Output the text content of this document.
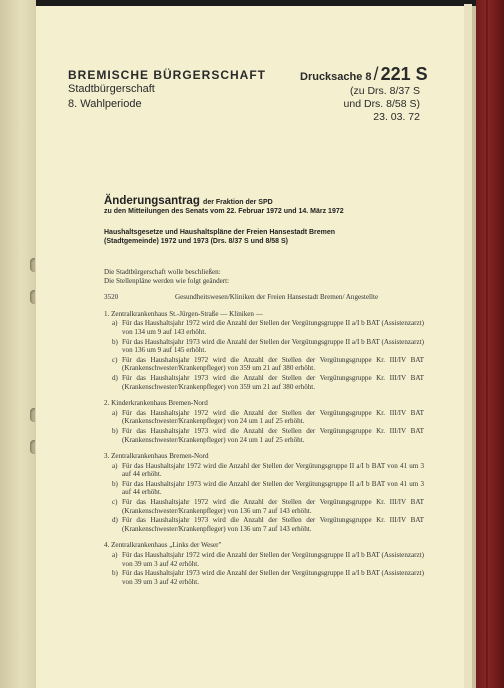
BREMISCHE BÜRGERSCHAFT
Stadtbürgerschaft
8. Wahlperiode
Drucksache 8 / 221 S
(zu Drs. 8/37 S
und Drs. 8/58 S)
23. 03. 72
Änderungsantrag der Fraktion der SPD
zu den Mitteilungen des Senats vom 22. Februar 1972 und 14. März 1972
Haushaltsgesetze und Haushaltspläne der Freien Hansestadt Bremen (Stadtgemeinde) 1972 und 1973 (Drs. 8/37 S und 8/58 S)
Die Stadtbürgerschaft wolle beschließen:
Die Stellenpläne werden wie folgt geändert:
3520	Gesundheitswesen/Kliniken der Freien Hansestadt Bremen/ Angestellte
1. Zentralkrankenhaus St.-Jürgen-Straße — Kliniken —
a) Für das Haushaltsjahr 1972 wird die Anzahl der Stellen der Vergütungsgruppe II a/I b BAT (Assistenzarzt) von 134 um 9 auf 143 erhöht.
b) Für das Haushaltsjahr 1973 wird die Anzahl der Stellen der Vergütungsgruppe II a/I b BAT (Assistenzarzt) von 136 um 9 auf 145 erhöht.
c) Für das Haushaltsjahr 1972 wird die Anzahl der Stellen der Vergütungsgruppe Kr. III/IV BAT (Krankenschwester/Krankenpfleger) von 359 um 21 auf 380 erhöht.
d) Für das Haushaltsjahr 1973 wird die Anzahl der Stellen der Vergütungsgruppe Kr. III/IV BAT (Krankenschwester/Krankenpfleger) von 359 um 21 auf 380 erhöht.
2. Kinderkrankenhaus Bremen-Nord
a) Für das Haushaltsjahr 1972 wird die Anzahl der Stellen der Vergütungsgruppe Kr. III/IV BAT (Krankenschwester/Krankenpfleger) von 24 um 1 auf 25 erhöht.
b) Für das Haushaltsjahr 1973 wird die Anzahl der Stellen der Vergütungsgruppe Kr. III/IV BAT (Krankenschwester/Krankenpfleger) von 24 um 1 auf 25 erhöht.
3. Zentralkrankenhaus Bremen-Nord
a) Für das Haushaltsjahr 1972 wird die Anzahl der Stellen der Vergütungsgruppe II a/I b BAT von 41 um 3 auf 44 erhöht.
b) Für das Haushaltsjahr 1973 wird die Anzahl der Stellen der Vergütungsgruppe II a/I b BAT von 41 um 3 auf 44 erhöht.
c) Für das Haushaltsjahr 1972 wird die Anzahl der Stellen der Vergütungsgruppe Kr. III/IV BAT (Krankenschwester/Krankenpfleger) von 136 um 7 auf 143 erhöht.
d) Für das Haushaltsjahr 1973 wird die Anzahl der Stellen der Vergütungsgruppe Kr. III/IV BAT (Krankenschwester/Krankenpfleger) von 136 um 7 auf 143 erhöht.
4. Zentralkrankenhaus „Links der Weser"
a) Für das Haushaltsjahr 1972 wird die Anzahl der Stellen der Vergütungsgruppe II a/I b BAT (Assistenzarzt) von 39 um 3 auf 42 erhöht.
b) Für das Haushaltsjahr 1973 wird die Anzahl der Stellen der Vergütungsgruppe II a/I b BAT (Assistenzarzt) von 39 um 3 auf 42 erhöht.
